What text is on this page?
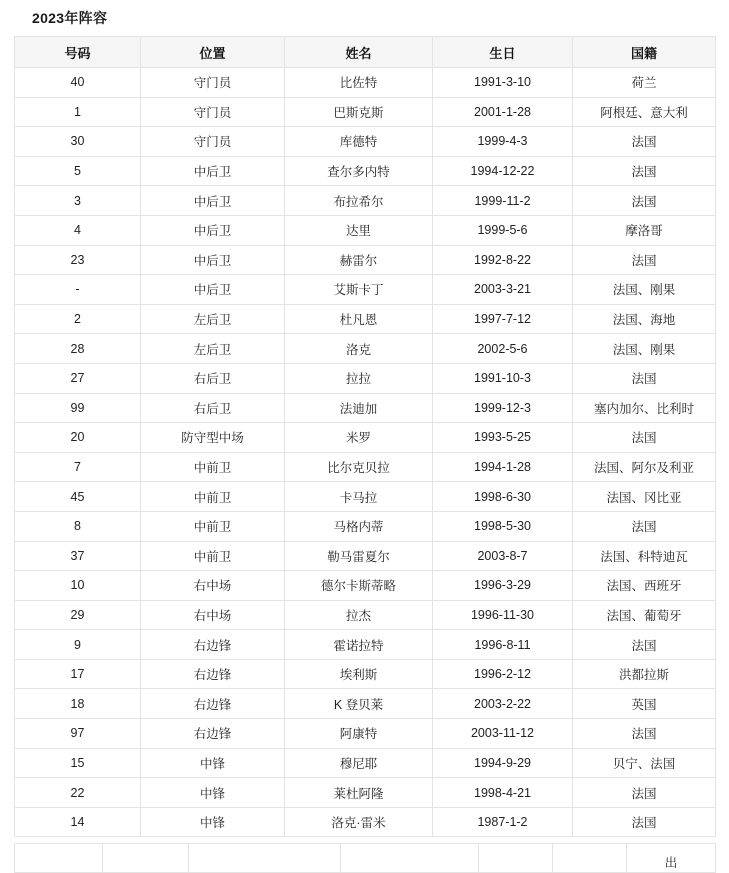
2023年阵容
号码	位置	姓名	生日	国籍
40	守门员	比佐特	1991-3-10	荷兰
1	守门员	巴斯克斯	2001-1-28	阿根廷、意大利
30	守门员	库德特	1999-4-3	法国
5	中后卫	查尔多内特	1994-12-22	法国
3	中后卫	布拉希尔	1999-11-2	法国
4	中后卫	达里	1999-5-6	摩洛哥
23	中后卫	赫雷尔	1992-8-22	法国
-	中后卫	艾斯卡丁	2003-3-21	法国、刚果
2	左后卫	杜凡恩	1997-7-12	法国、海地
28	左后卫	洛克	2002-5-6	法国、刚果
27	右后卫	拉拉	1991-10-3	法国
99	右后卫	法迪加	1999-12-3	塞内加尔、比利时
20	防守型中场	米罗	1993-5-25	法国
7	中前卫	比尔克贝拉	1994-1-28	法国、阿尔及利亚
45	中前卫	卡马拉	1998-6-30	法国、冈比亚
8	中前卫	马格内蒂	1998-5-30	法国
37	中前卫	勒马雷夏尔	2003-8-7	法国、科特迪瓦
10	右中场	德尔卡斯蒂略	1996-3-29	法国、西班牙
29	右中场	拉杰	1996-11-30	法国、葡萄牙
9	右边锋	霍诺拉特	1996-8-11	法国
17	右边锋	埃利斯	1996-2-12	洪都拉斯
18	右边锋	K 登贝莱	2003-2-22	英国
97	右边锋	阿康特	2003-11-12	法国
15	中锋	穆尼耶	1994-9-29	贝宁、法国
22	中锋	莱杜阿隆	1998-4-21	法国
14	中锋	洛克·雷米	1987-1-2	法国
						出
